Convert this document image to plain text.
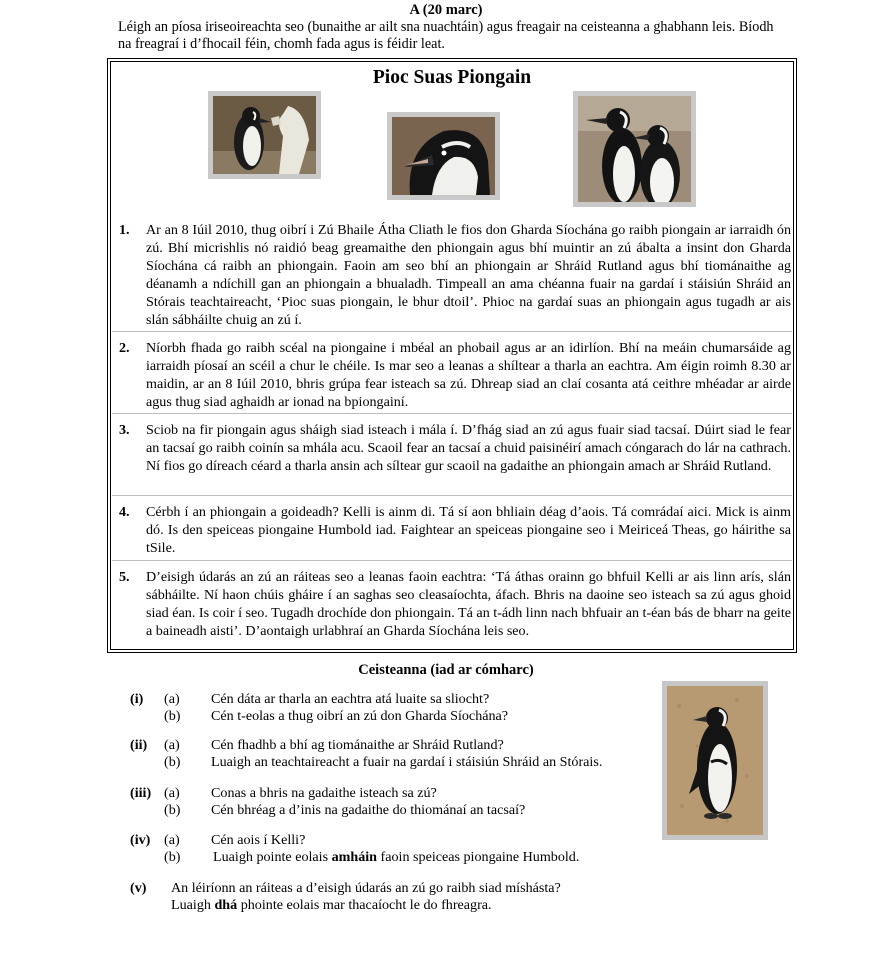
A (20 marc)
Léigh an píosa iriseoireachta seo (bunaithe ar ailt sna nuachtáin) agus freagair na ceisteanna a ghabhann leis. Bíodh na freagraí i d’fhocail féin, chomh fada agus is féidir leat.
Pioc Suas Piongain
1. Ar an 8 Iúil 2010, thug oibrí i Zú Bhaile Átha Cliath le fios don Gharda Síochána go raibh piongain ar iarraidh ón zú. Bhí micrishlis nó raidió beag greamaithe den phiongain agus bhí muintir an zú ábalta a insint don Gharda Síochána cá raibh an phiongain. Faoin am seo bhí an phiongain ar Shráid Rutland agus bhí tiománaithe ag déanamh a ndíchill gan an phiongain a bhualadh. Timpeall an ama chéanna fuair na gardaí i stáisiún Shráid an Stórais teachtaireacht, ‘Pioc suas piongain, le bhur dtoil’. Phioc na gardaí suas an phiongain agus tugadh ar ais slán sábháilte chuig an zú í.
2. Níorbh fhada go raibh scéal na piongaine i mbéal an phobail agus ar an idirlíon. Bhí na meáin chumarsáide ag iarraidh píosaí an scéil a chur le chéile. Is mar seo a leanas a shíltear a tharla an eachtra. Am éigin roimh 8.30 ar maidin, ar an 8 Iúil 2010, bhris grúpa fear isteach sa zú. Dhreap siad an claí cosanta atá ceithre mhéadar ar airde agus thug siad aghaidh ar ionad na bpiongainí.
3. Sciob na fir piongain agus sháigh siad isteach i mála í. D’fhág siad an zú agus fuair siad tacsaí. Dúirt siad le fear an tacsaí go raibh coinín sa mhála acu. Scaoil fear an tacsaí a chuid paisinéirí amach cóngarach do lár na cathrach. Ní fios go díreach céard a tharla ansin ach síltear gur scaoil na gadaithe an phiongain amach ar Shráid Rutland.
4. Cérbh í an phiongain a goideadh? Kelli is ainm di. Tá sí aon bhliain déag d’aois. Tá comrádaí aici. Mick is ainm dó. Is den speiceas piongaine Humbold iad. Faightear an speiceas piongaine seo i Meiriceá Theas, go háirithe sa tSile.
5. D’eisigh údarás an zú an ráiteas seo a leanas faoin eachtra: ‘Tá áthas orainn go bhfuil Kelli ar ais linn arís, slán sábháilte. Ní haon chúis gháire í an saghas seo cleasaíochta, áfach. Bhris na daoine seo isteach sa zú agus ghoid siad éan. Is coir í seo. Tugadh drochíde don phiongain. Tá an t-ádh linn nach bhfuair an t-éan bás de bharr na geite a baineadh aisti’. D’aontaigh urlabhraí an Gharda Síochána leis seo.
Ceisteanna (iad ar cómharc)
(i) (a) Cén dáta ar tharla an eachtra atá luaite sa sliocht?
(b) Cén t-eolas a thug oibrí an zú don Gharda Síochána?
(ii) (a) Cén fhadhb a bhí ag tiománaithe ar Shráid Rutland?
(b) Luaigh an teachtaireacht a fuair na gardaí i stáisiún Shráid an Stórais.
(iii) (a) Conas a bhris na gadaithe isteach sa zú?
(b) Cén bhréag a d’inis na gadaithe do thiománaí an tacsaí?
(iv) (a) Cén aois í Kelli?
(b) Luaigh pointe eolais amháin faoin speiceas piongaine Humbold.
(v) An léiríonn an ráiteas a d’eisigh údarás an zú go raibh siad míshásta?
Luaigh dhá phointe eolais mar thacaíocht le do fhreagra.
